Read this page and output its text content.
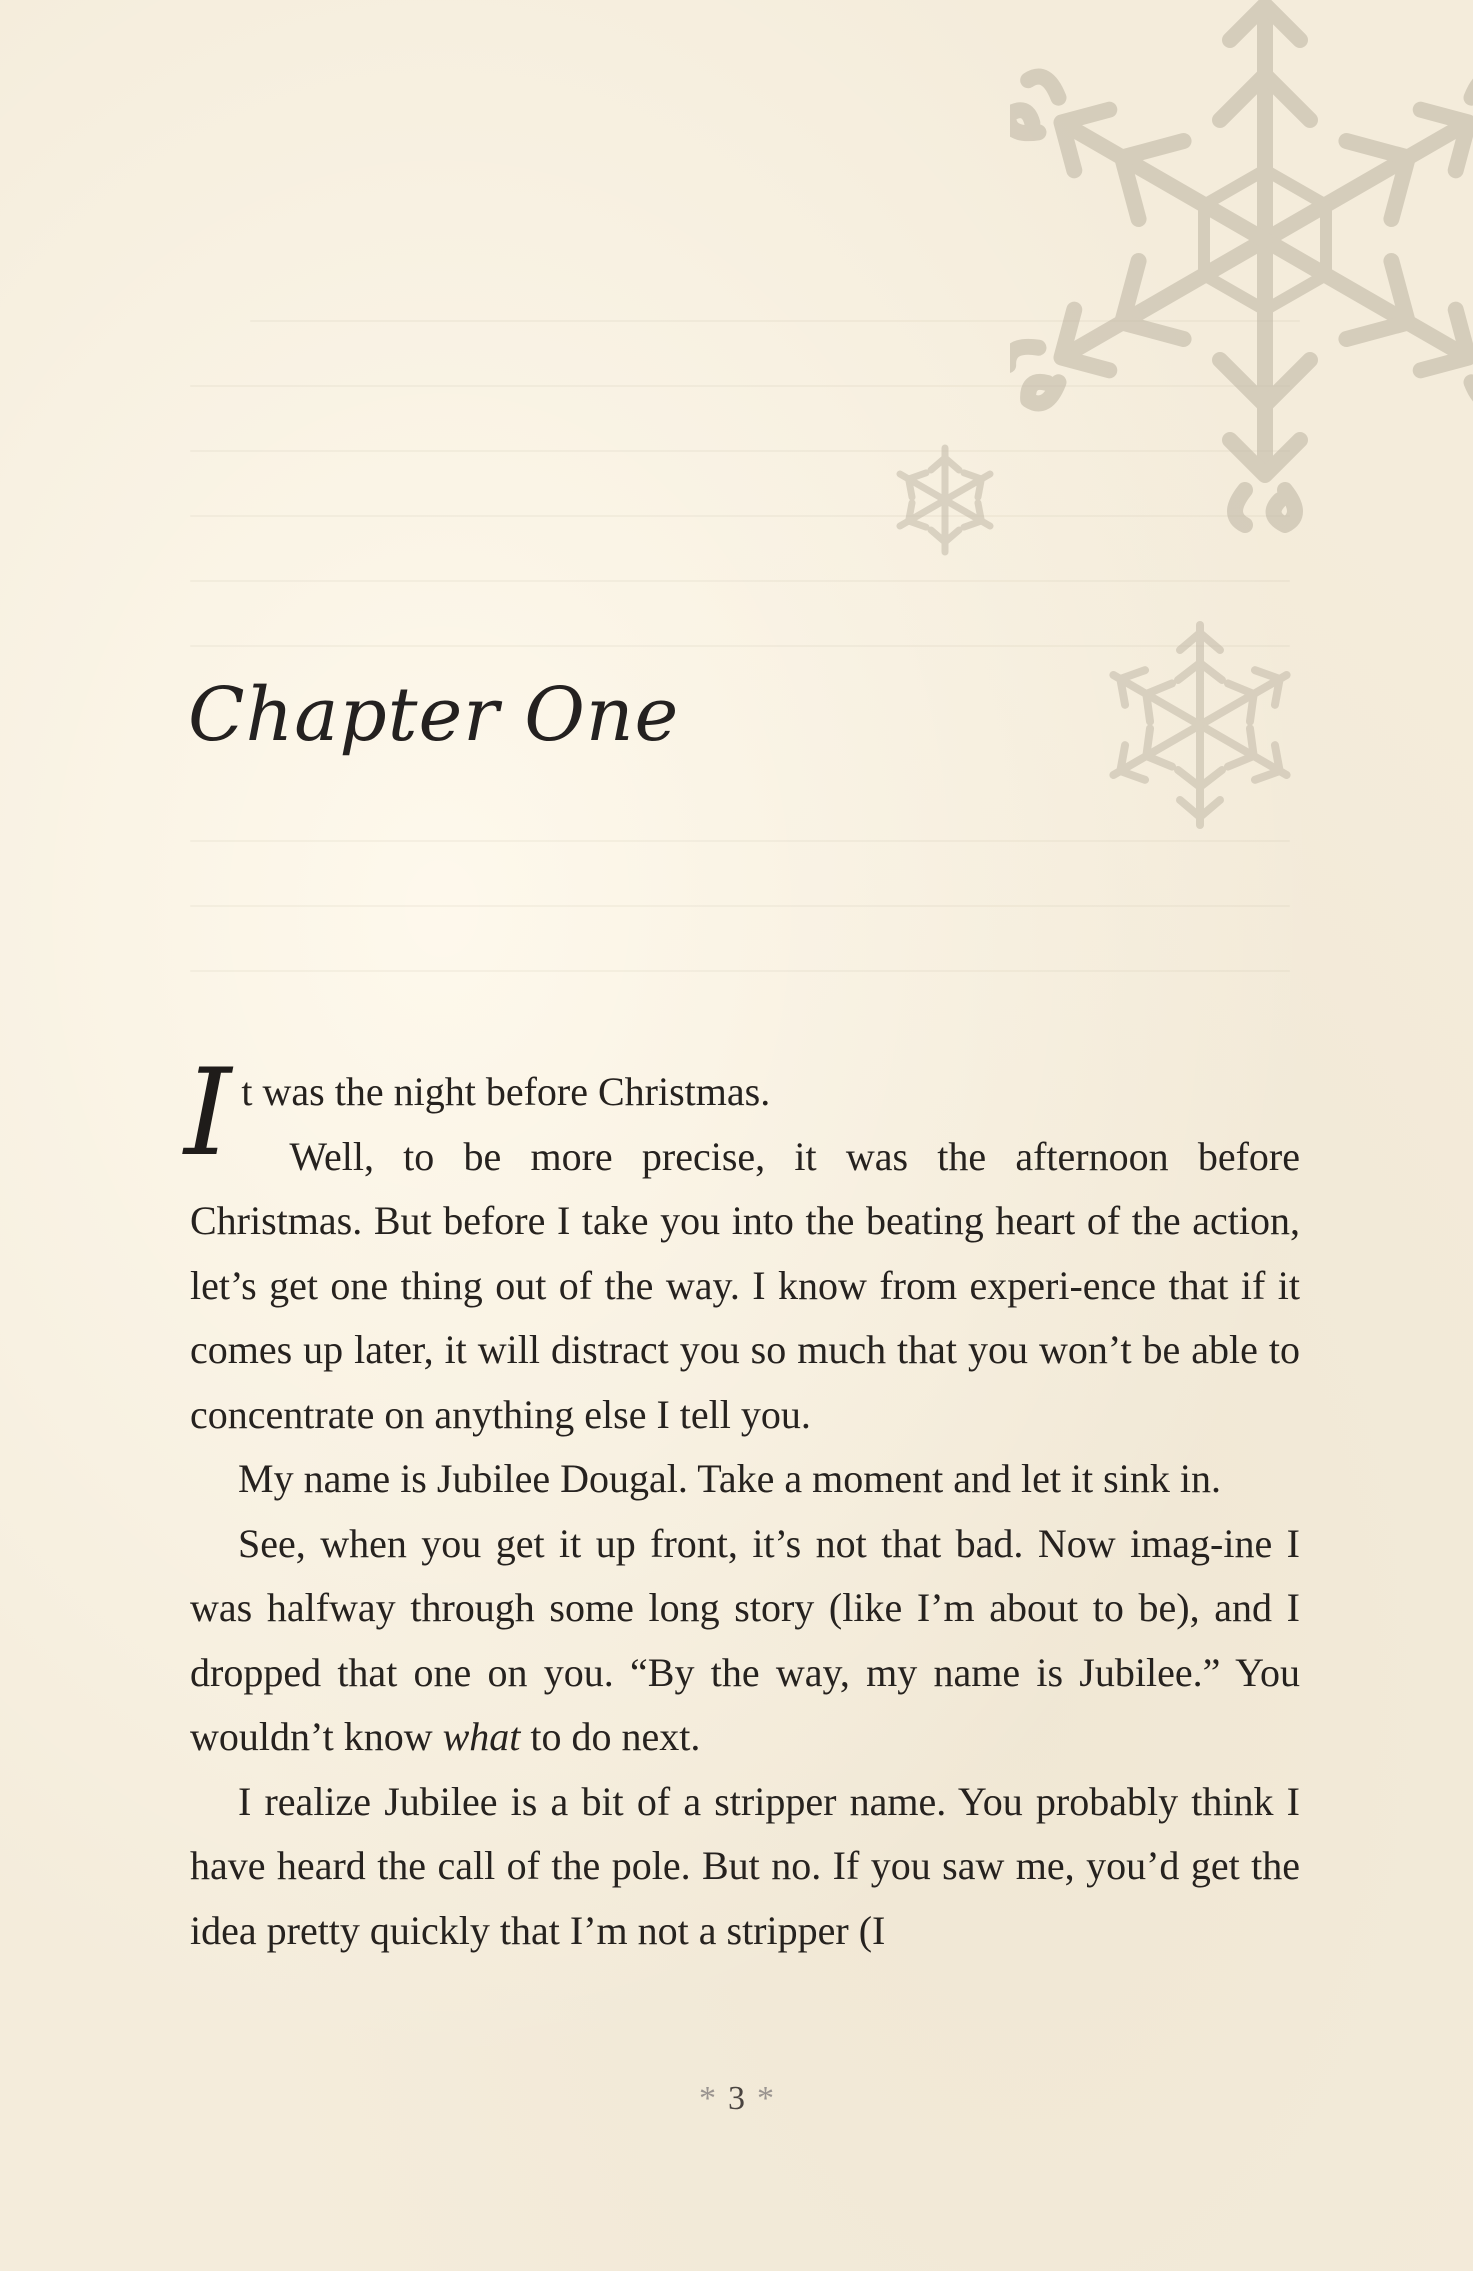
Chapter One

It was the night before Christmas.

Well, to be more precise, it was the afternoon before Christmas. But before I take you into the beating heart of the action, let’s get one thing out of the way. I know from experi-ence that if it comes up later, it will distract you so much that you won’t be able to concentrate on anything else I tell you.

My name is Jubilee Dougal. Take a moment and let it sink in.

See, when you get it up front, it’s not that bad. Now imag-ine I was halfway through some long story (like I’m about to be), and I dropped that one on you. “By the way, my name is Jubilee.” You wouldn’t know what to do next.

I realize Jubilee is a bit of a stripper name. You probably think I have heard the call of the pole. But no. If you saw me, you’d get the idea pretty quickly that I’m not a stripper (I

* 3 *
